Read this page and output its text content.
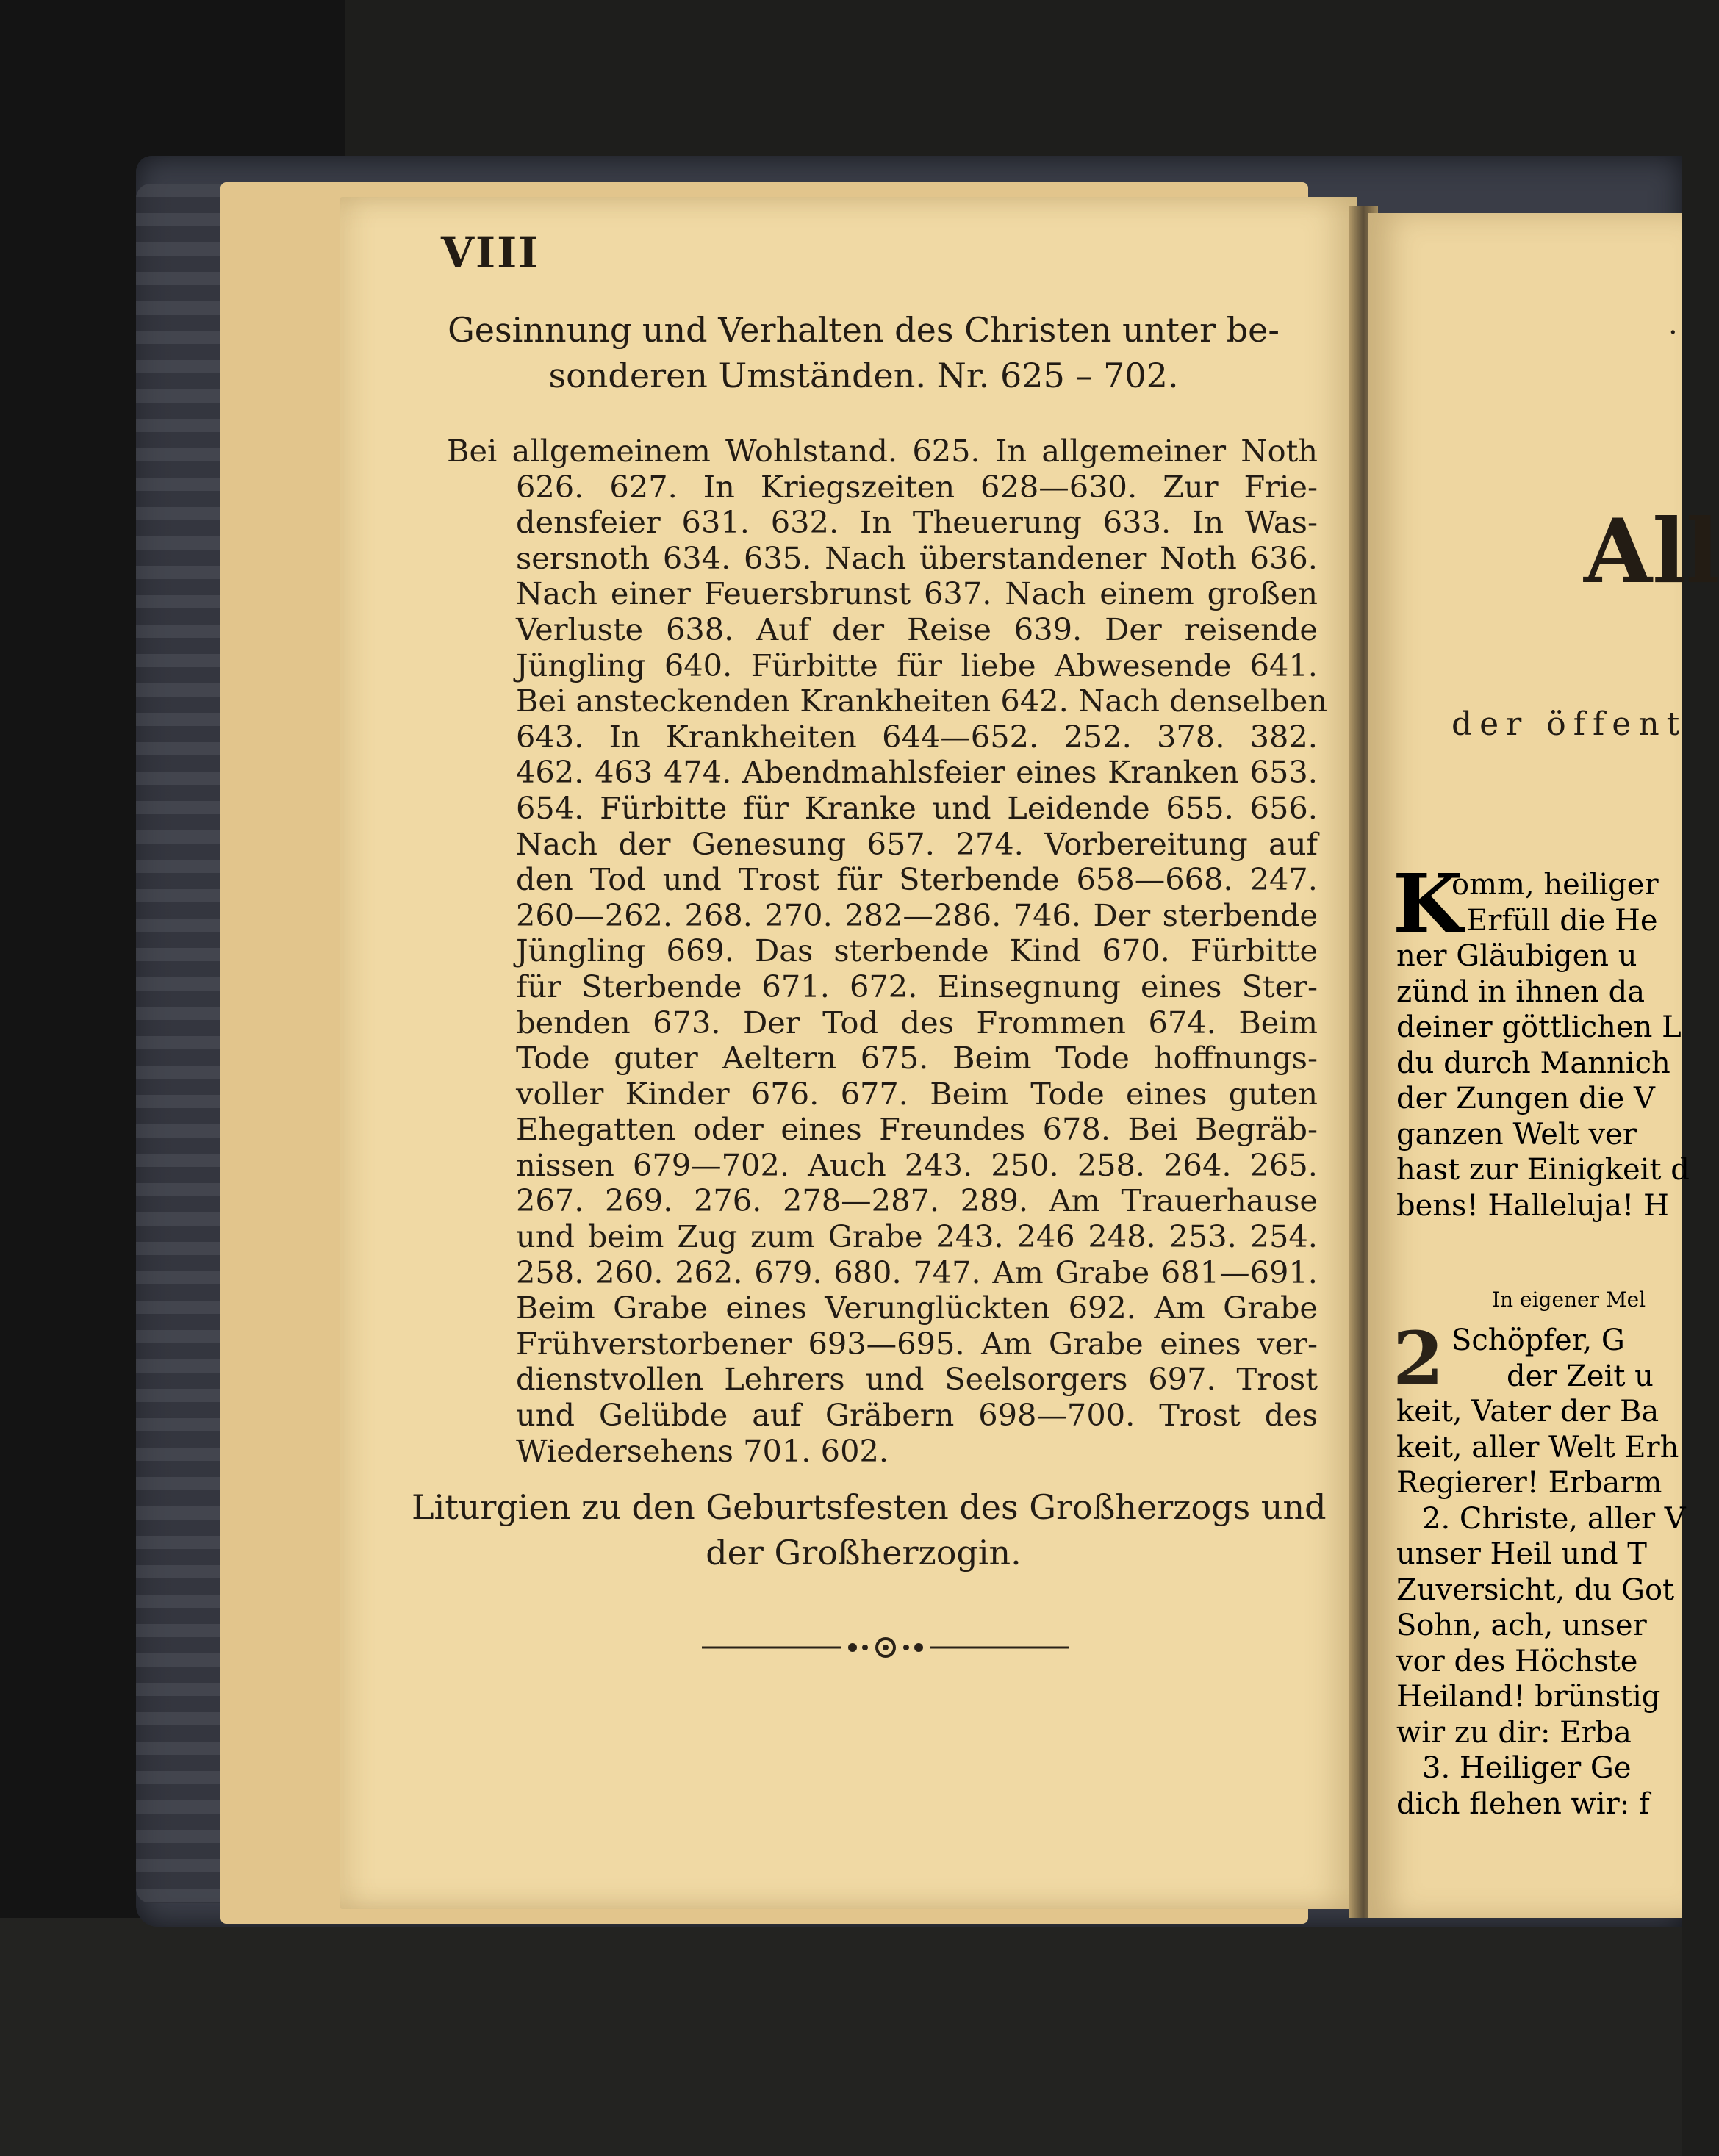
VIII
Gesinnung und Verhalten des Christen unter be-
sonderen Umständen. Nr. 625 – 702.
Bei allgemeinem Wohlstand. 625. In allgemeiner Noth
626. 627. In Kriegszeiten 628—630. Zur Frie-
densfeier 631. 632. In Theuerung 633. In Was-
sersnoth 634. 635. Nach überstandener Noth 636.
Nach einer Feuersbrunst 637. Nach einem großen
Verluste 638. Auf der Reise 639. Der reisende
Jüngling 640. Fürbitte für liebe Abwesende 641.
Bei ansteckenden Krankheiten 642. Nach denselben
643. In Krankheiten 644—652. 252. 378. 382.
462. 463 474. Abendmahlsfeier eines Kranken 653.
654. Fürbitte für Kranke und Leidende 655. 656.
Nach der Genesung 657. 274. Vorbereitung auf
den Tod und Trost für Sterbende 658—668. 247.
260—262. 268. 270. 282—286. 746. Der sterbende
Jüngling 669. Das sterbende Kind 670. Fürbitte
für Sterbende 671. 672. Einsegnung eines Ster-
benden 673. Der Tod des Frommen 674. Beim
Tode guter Aeltern 675. Beim Tode hoffnungs-
voller Kinder 676. 677. Beim Tode eines guten
Ehegatten oder eines Freundes 678. Bei Begräb-
nissen 679—702. Auch 243. 250. 258. 264. 265.
267. 269. 276. 278—287. 289. Am Trauerhause
und beim Zug zum Grabe 243. 246 248. 253. 254.
258. 260. 262. 679. 680. 747. Am Grabe 681—691.
Beim Grabe eines Verunglückten 692. Am Grabe
Frühverstorbener 693—695. Am Grabe eines ver-
dienstvollen Lehrers und Seelsorgers 697. Trost
und Gelübde auf Gräbern 698—700. Trost des
Wiedersehens 701. 602.
Liturgien zu den Geburtsfesten des Großherzogs und
der Großherzogin.
·
All
der öffent
K
omm, heiliger
Erfüll die He
ner Gläubigen u
zünd in ihnen da
deiner göttlichen L
du durch Mannich
der Zungen die V
ganzen Welt ver
hast zur Einigkeit d
bens! Halleluja! H
In eigener Mel
2 Schöpfer, G
der Zeit u
keit, Vater der Ba
keit, aller Welt Erh
Regierer! Erbarm
2. Christe, aller V
unser Heil und T
Zuversicht, du Got
Sohn, ach, unser
vor des Höchste
Heiland! brünstig
wir zu dir: Erba
3. Heiliger Ge
dich flehen wir: f
